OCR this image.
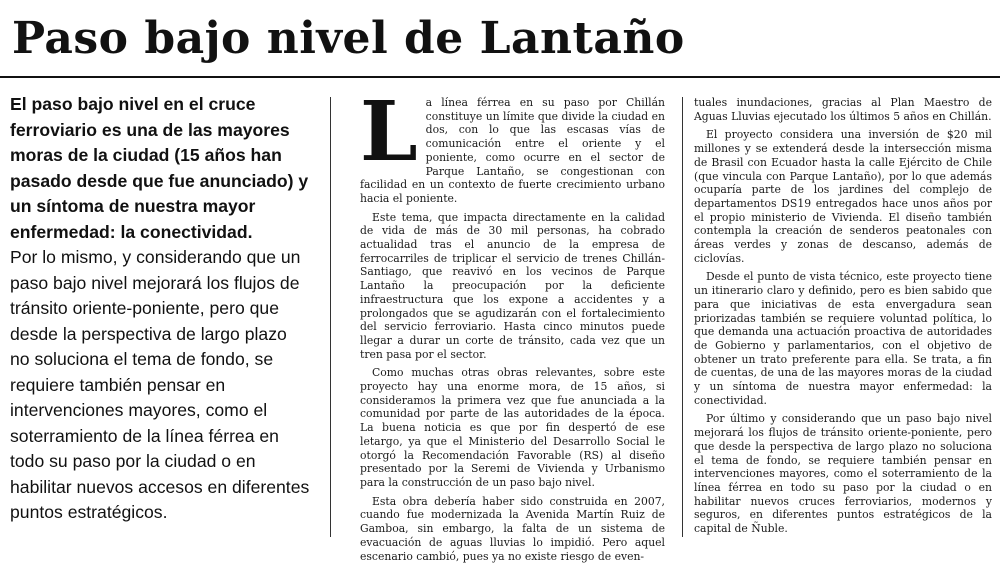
Paso bajo nivel de Lantaño
El paso bajo nivel en el cruce ferroviario es una de las mayores moras de la ciudad (15 años han pasado desde que fue anunciado) y un síntoma de nuestra mayor enfermedad: la conectividad.
Por lo mismo, y considerando que un paso bajo nivel mejorará los flujos de tránsito oriente-poniente, pero que desde la perspectiva de largo plazo no soluciona el tema de fondo, se requiere también pensar en intervenciones mayores, como el soterramiento de la línea férrea en todo su paso por la ciudad o en habilitar nuevos accesos en diferentes puntos estratégicos.
L a línea férrea en su paso por Chillán constituye un límite que divide la ciudad en dos, con lo que las escasas vías de comunicación entre el oriente y el poniente, como ocurre en el sector de Parque Lantaño, se congestionan con facilidad en un contexto de fuerte crecimiento urbano hacia el poniente.

Este tema, que impacta directamente en la calidad de vida de más de 30 mil personas, ha cobrado actualidad tras el anuncio de la empresa de ferrocarriles de triplicar el servicio de trenes Chillán-Santiago, que reavivó en los vecinos de Parque Lantaño la preocupación por la deficiente infraestructura que los expone a accidentes y a prolongados que se agudizarán con el fortalecimiento del servicio ferroviario. Hasta cinco minutos puede llegar a durar un corte de tránsito, cada vez que un tren pasa por el sector.

Como muchas otras obras relevantes, sobre este proyecto hay una enorme mora, de 15 años, si consideramos la primera vez que fue anunciada a la comunidad por parte de las autoridades de la época. La buena noticia es que por fin despertó de ese letargo, ya que el Ministerio del Desarrollo Social le otorgó la Recomendación Favorable (RS) al diseño presentado por la Seremi de Vivienda y Urbanismo para la construcción de un paso bajo nivel.

Esta obra debería haber sido construida en 2007, cuando fue modernizada la Avenida Martín Ruiz de Gamboa, sin embargo, la falta de un sistema de evacuación de aguas lluvias lo impidió. Pero aquel escenario cambió, pues ya no existe riesgo de even-

tuales inundaciones, gracias al Plan Maestro de Aguas Lluvias ejecutado los últimos 5 años en Chillán.

El proyecto considera una inversión de $20 mil millones y se extenderá desde la intersección misma de Brasil con Ecuador hasta la calle Ejército de Chile (que vincula con Parque Lantaño), por lo que además ocuparía parte de los jardines del complejo de departamentos DS19 entregados hace unos años por el propio ministerio de Vivienda. El diseño también contempla la creación de senderos peatonales con áreas verdes y zonas de descanso, además de ciclovías.

Desde el punto de vista técnico, este proyecto tiene un itinerario claro y definido, pero es bien sabido que para que iniciativas de esta envergadura sean priorizadas también se requiere voluntad política, lo que demanda una actuación proactiva de autoridades de Gobierno y parlamentarios, con el objetivo de obtener un trato preferente para ella. Se trata, a fin de cuentas, de una de las mayores moras de la ciudad y un síntoma de nuestra mayor enfermedad: la conectividad.

Por último y considerando que un paso bajo nivel mejorará los flujos de tránsito oriente-poniente, pero que desde la perspectiva de largo plazo no soluciona el tema de fondo, se requiere también pensar en intervenciones mayores, como el soterramiento de la línea férrea en todo su paso por la ciudad o en habilitar nuevos cruces ferroviarios, modernos y seguros, en diferentes puntos estratégicos de la capital de Ñuble.
